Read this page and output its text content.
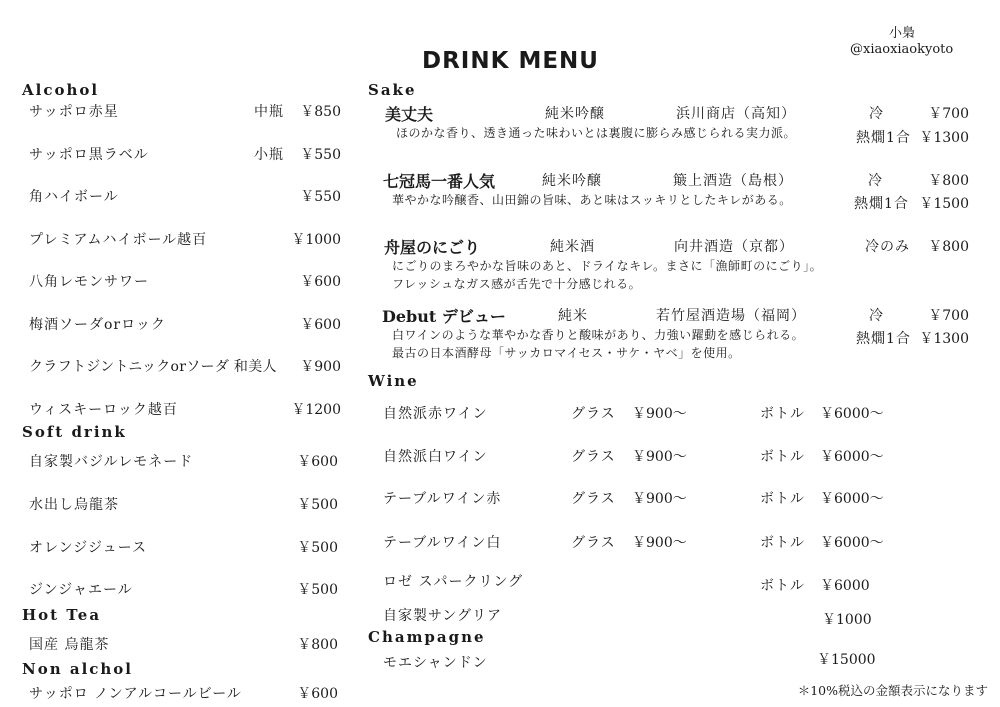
DRINK MENU
小梟
@xiaoxiaokyoto
Alcohol
サッポロ赤星	中瓶 ￥850
サッポロ黒ラベル	小瓶 ￥550
角ハイボール	￥550
プレミアムハイボール越百	￥1000
八角レモンサワー	￥600
梅酒ソーダorロック	￥600
クラフトジントニックorソーダ 和美人 ￥900
ウィスキーロック越百	￥1200
Soft drink
自家製バジルレモネード	￥600
水出し烏龍茶	￥500
オレンジジュース	￥500
ジンジャエール	￥500
Hot Tea
国産 烏龍茶	￥800
Non alchol
サッポロ ノンアルコールビール	￥600
Sake
美丈夫	純米吟醸	浜川商店（高知）
ほのかな香り、透き通った味わいとは裏腹に膨らみ感じられる実力派。
冷	￥700
熱燗1合 ￥1300
七冠馬一番人気	純米吟醸	簸上酒造（島根）
華やかな吟醸香、山田錦の旨味、あと味はスッキリとしたキレがある。
冷	￥800
熱燗1合 ￥1500
舟屋のにごり	純米酒	向井酒造（京都）
にごりのまろやかな旨味のあと、ドライなキレ。まさに「漁師町のにごり」。
フレッシュなガス感が舌先で十分感じれる。
冷のみ ￥800
Debut デビュー	純米	若竹屋酒造場（福岡）
白ワインのような華やかな香りと酸味があり、力強い躍動を感じられる。
最古の日本酒酵母「サッカロマイセス・サケ・ヤベ」を使用。
冷	￥700
熱燗1合 ￥1300
Wine
自然派赤ワイン	グラス ￥900〜	ボトル ￥6000〜
自然派白ワイン	グラス ￥900〜	ボトル ￥6000〜
テーブルワイン赤	グラス ￥900〜	ボトル ￥6000〜
テーブルワイン白	グラス ￥900〜	ボトル ￥6000〜
ロゼ スパークリング	ボトル ￥6000
自家製サングリア	￥1000
Champagne
モエシャンドン	￥15000
＊10%税込の金額表示になります
